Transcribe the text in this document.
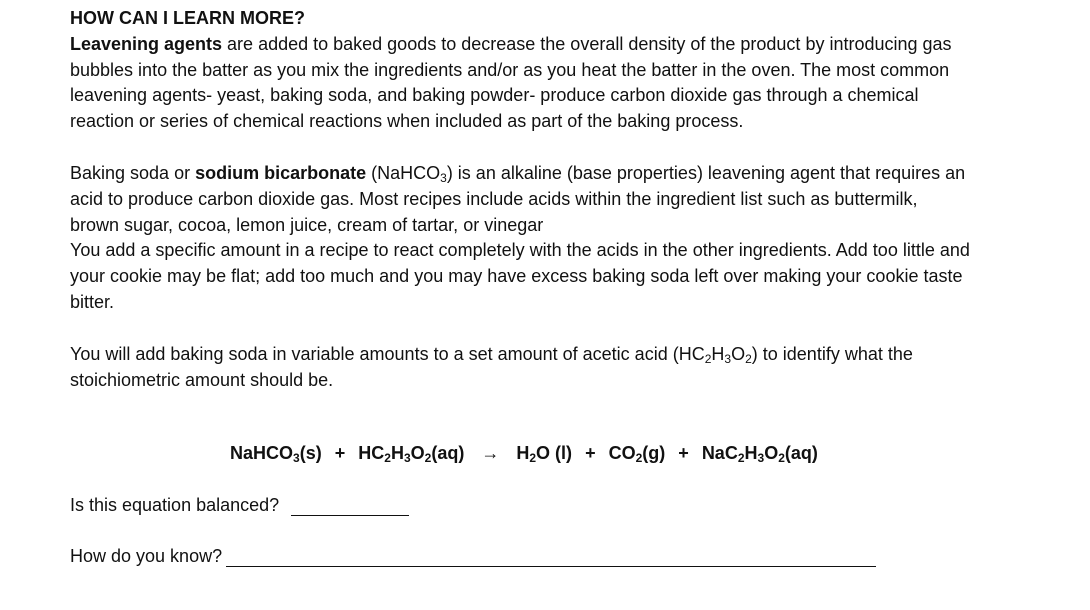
HOW CAN I LEARN MORE?

Leavening agents are added to baked goods to decrease the overall density of the product by introducing gas bubbles into the batter as you mix the ingredients and/or as you heat the batter in the oven. The most common leavening agents- yeast, baking soda, and baking powder- produce carbon dioxide gas through a chemical reaction or series of chemical reactions when included as part of the baking process.

Baking soda or sodium bicarbonate (NaHCO$_3$) is an alkaline (base properties) leavening agent that requires an acid to produce carbon dioxide gas. Most recipes include acids within the ingredient list such as buttermilk, brown sugar, cocoa, lemon juice, cream of tartar, or vinegar

You add a specific amount in a recipe to react completely with the acids in the other ingredients. Add too little and your cookie may be flat; add too much and you may have excess baking soda left over making your cookie taste bitter.

You will add baking soda in variable amounts to a set amount of acetic acid $(HC_2H_3O_2)$ to identify what the stoichiometric amount should be.

NaHCO$_3$(s) + $HC_2H_3O_2(aq) \to H_2O$ $(l) + CO_2(g) + NaC_2H_3O_2(aq)$
Is this equation balanced?
How do you know?
